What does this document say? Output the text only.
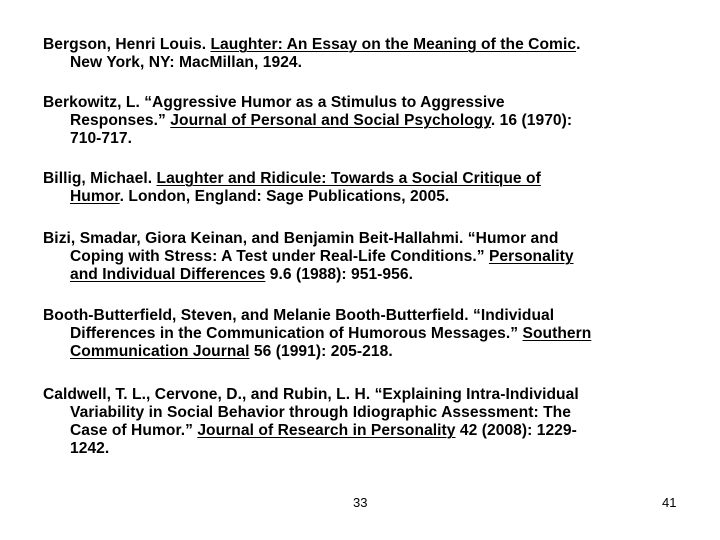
Bergson, Henri Louis. Laughter: An Essay on the Meaning of the Comic.
New York, NY: MacMillan, 1924.
Berkowitz, L. “Aggressive Humor as a Stimulus to Aggressive
Responses.” Journal of Personal and Social Psychology. 16 (1970):
710-717.
Billig, Michael. Laughter and Ridicule: Towards a Social Critique of
Humor. London, England: Sage Publications, 2005.
Bizi, Smadar, Giora Keinan, and Benjamin Beit-Hallahmi. “Humor and
Coping with Stress: A Test under Real-Life Conditions.” Personality
and Individual Differences 9.6 (1988): 951-956.
Booth-Butterfield, Steven, and Melanie Booth-Butterfield. “Individual
Differences in the Communication of Humorous Messages.” Southern
Communication Journal 56 (1991): 205-218.
Caldwell, T. L., Cervone, D., and Rubin, L. H. “Explaining Intra-Individual
Variability in Social Behavior through Idiographic Assessment: The
Case of Humor.” Journal of Research in Personality 42 (2008): 1229-
1242.
33	41
